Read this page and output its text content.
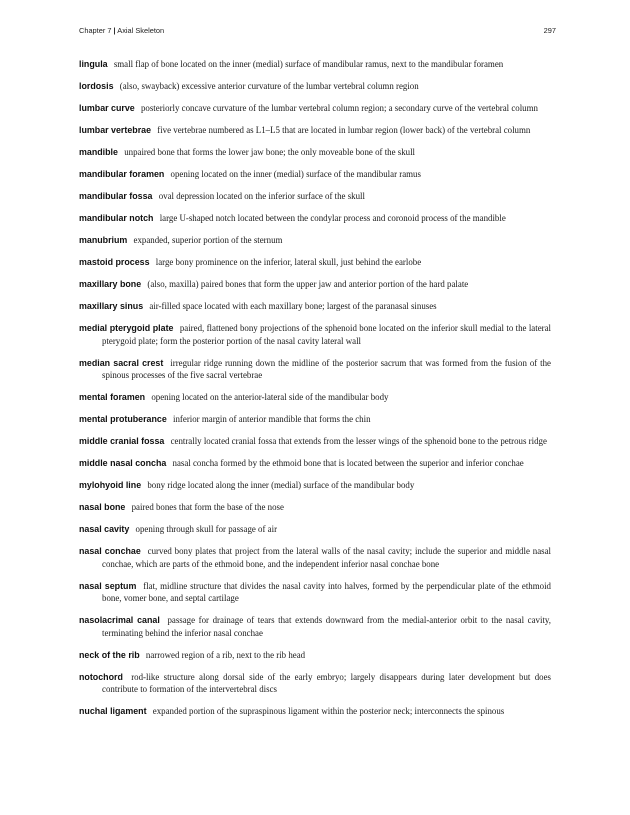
Chapter 7 | Axial Skeleton	297

lingula small flap of bone located on the inner (medial) surface of mandibular ramus, next to the mandibular foramen

lordosis (also, swayback) excessive anterior curvature of the lumbar vertebral column region

lumbar curve posteriorly concave curvature of the lumbar vertebral column region; a secondary curve of the vertebral column

lumbar vertebrae five vertebrae numbered as L1–L5 that are located in lumbar region (lower back) of the vertebral column

mandible unpaired bone that forms the lower jaw bone; the only moveable bone of the skull

mandibular foramen opening located on the inner (medial) surface of the mandibular ramus

mandibular fossa oval depression located on the inferior surface of the skull

mandibular notch large U-shaped notch located between the condylar process and coronoid process of the mandible

manubrium expanded, superior portion of the sternum

mastoid process large bony prominence on the inferior, lateral skull, just behind the earlobe

maxillary bone (also, maxilla) paired bones that form the upper jaw and anterior portion of the hard palate

maxillary sinus air-filled space located with each maxillary bone; largest of the paranasal sinuses

medial pterygoid plate paired, flattened bony projections of the sphenoid bone located on the inferior skull medial to the lateral pterygoid plate; form the posterior portion of the nasal cavity lateral wall

median sacral crest irregular ridge running down the midline of the posterior sacrum that was formed from the fusion of the spinous processes of the five sacral vertebrae

mental foramen opening located on the anterior-lateral side of the mandibular body

mental protuberance inferior margin of anterior mandible that forms the chin

middle cranial fossa centrally located cranial fossa that extends from the lesser wings of the sphenoid bone to the petrous ridge

middle nasal concha nasal concha formed by the ethmoid bone that is located between the superior and inferior conchae

mylohyoid line bony ridge located along the inner (medial) surface of the mandibular body

nasal bone paired bones that form the base of the nose

nasal cavity opening through skull for passage of air

nasal conchae curved bony plates that project from the lateral walls of the nasal cavity; include the superior and middle nasal conchae, which are parts of the ethmoid bone, and the independent inferior nasal conchae bone

nasal septum flat, midline structure that divides the nasal cavity into halves, formed by the perpendicular plate of the ethmoid bone, vomer bone, and septal cartilage

nasolacrimal canal passage for drainage of tears that extends downward from the medial-anterior orbit to the nasal cavity, terminating behind the inferior nasal conchae

neck of the rib narrowed region of a rib, next to the rib head

notochord rod-like structure along dorsal side of the early embryo; largely disappears during later development but does contribute to formation of the intervertebral discs

nuchal ligament expanded portion of the supraspinous ligament within the posterior neck; interconnects the spinous
